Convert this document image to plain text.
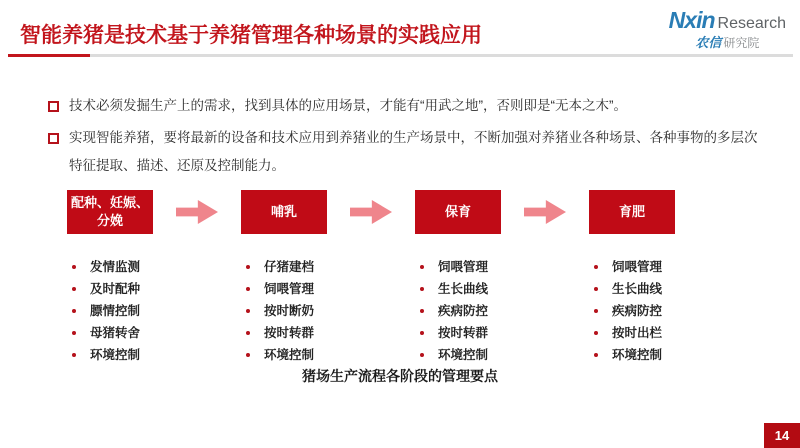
智能养猪是技术基于养猪管理各种场景的实践应用
Nxin Research
农信 研究院
技术必须发掘生产上的需求，找到具体的应用场景，才能有“用武之地”，否则即是“无本之木”。
实现智能养猪，要将最新的设备和技术应用到养猪业的生产场景中，不断加强对养猪业各种场景、各种事物的多层次特征提取、描述、还原及控制能力。
配种、妊娠、
分娩
发情监测
及时配种
膘情控制
母猪转舍
环境控制
哺乳
仔猪建档
饲喂管理
按时断奶
按时转群
环境控制
保育
饲喂管理
生长曲线
疾病防控
按时转群
环境控制
育肥
饲喂管理
生长曲线
疾病防控
按时出栏
环境控制
猪场生产流程各阶段的管理要点
14
